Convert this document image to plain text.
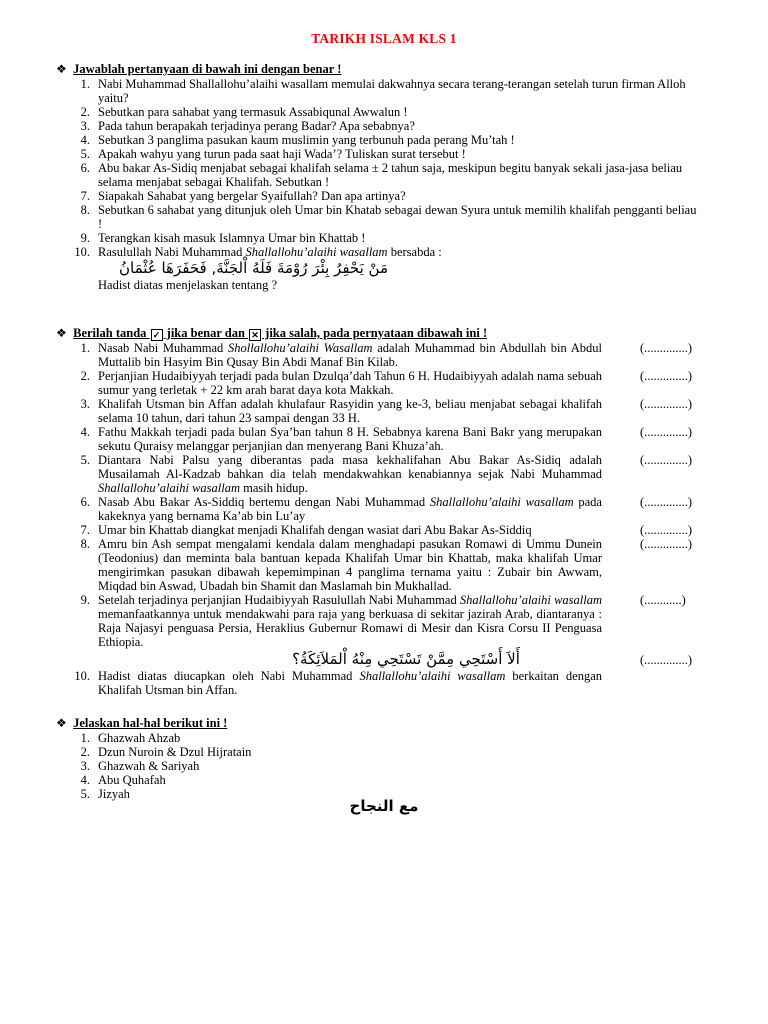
TARIKH ISLAM KLS 1
❖ Jawablah pertanyaan di bawah ini dengan benar !
1. Nabi Muhammad Shallallohu’alaihi wasallam memulai dakwahnya secara terang-terangan setelah turun firman Alloh yaitu?
2. Sebutkan para sahabat yang termasuk Assabiqunal Awwalun !
3. Pada tahun berapakah terjadinya perang Badar? Apa sebabnya?
4. Sebutkan 3 panglima pasukan kaum muslimin yang terbunuh pada perang Mu’tah !
5. Apakah wahyu yang turun pada saat haji Wada’? Tuliskan surat tersebut !
6. Abu bakar As-Sidiq menjabat sebagai khalifah selama ± 2 tahun saja, meskipun begitu banyak sekali jasa-jasa beliau selama menjabat sebagai Khalifah. Sebutkan !
7. Siapakah Sahabat yang bergelar Syaifullah? Dan apa artinya?
8. Sebutkan 6 sahabat yang ditunjuk oleh Umar bin Khatab sebagai dewan Syura untuk memilih khalifah pengganti beliau !
9. Terangkan kisah masuk Islamnya Umar bin Khattab !
10. Rasulullah Nabi Muhammad Shallallohu’alaihi wasallam bersabda :
مَنْ يَحْفِرُ بِئْرَ رُوْمَةَ فَلَهُ اْلجَنَّةَ, فَحَفَرَهَا عُثْمَانُ
Hadist diatas menjelaskan tentang ?
❖ Berilah tanda ✓ jika benar dan ✕ jika salah, pada pernyataan dibawah ini !
1. Nasab Nabi Muhammad Shollallohu’alaihi Wasallam adalah Muhammad bin Abdullah bin Abdul Muttalib bin Hasyim Bin Qusay Bin Abdi Manaf Bin Kilab.
(..............)
2. Perjanjian Hudaibiyyah terjadi pada bulan Dzulqa’dah Tahun 6 H. Hudaibiyyah adalah nama sebuah sumur yang terletak + 22 km arah barat daya kota Makkah.
(..............)
3. Khalifah Utsman bin Affan adalah khulafaur Rasyidin yang ke-3, beliau menjabat sebagai khalifah selama 10 tahun, dari tahun 23 sampai dengan 33 H.
(..............)
4. Fathu Makkah terjadi pada bulan Sya’ban tahun 8 H. Sebabnya karena Bani Bakr yang merupakan sekutu Quraisy melanggar perjanjian dan menyerang Bani Khuza’ah.
(..............)
5. Diantara Nabi Palsu yang diberantas pada masa kekhalifahan Abu Bakar As-Sidiq adalah Musailamah Al-Kadzab bahkan dia telah mendakwahkan kenabiannya sejak Nabi Muhammad Shallallohu’alaihi wasallam masih hidup.
(..............)
6. Nasab Abu Bakar As-Siddiq bertemu dengan Nabi Muhammad Shallallohu’alaihi wasallam pada kakeknya yang bernama Ka’ab bin Lu’ay
(..............)
7. Umar bin Khattab diangkat menjadi Khalifah dengan wasiat dari Abu Bakar As-Siddiq	(..............)
8. Amru bin Ash sempat mengalami kendala dalam menghadapi pasukan Romawi di Ummu Dunein (Teodonius) dan meminta bala bantuan kepada Khalifah Umar bin Khattab, maka khalifah Umar mengirimkan pasukan dibawah kepemimpinan 4 panglima ternama yaitu : Zubair bin Awwam, Miqdad bin Aswad, Ubadah bin Shamit dan Maslamah bin Mukhallad.
(..............)
9. Setelah terjadinya perjanjian Hudaibiyyah Rasulullah Nabi Muhammad Shallallohu’alaihi wasallam memanfaatkannya untuk mendakwahi para raja yang berkuasa di sekitar jazirah Arab, diantaranya : Raja Najasyi penguasa Persia, Heraklius Gubernur Romawi di Mesir dan Kisra Corsu II Penguasa Ethiopia.
(............)
أَلاَ أَسْتَحِي مِمَّنْ تَسْتَحِي مِنْهُ اْلمَلاَئِكَةُ؟	(..............)
10. Hadist diatas diucapkan oleh Nabi Muhammad Shallallohu’alaihi wasallam berkaitan dengan Khalifah Utsman bin Affan.
❖ Jelaskan hal-hal berikut ini !
1. Ghazwah Ahzab
2. Dzun Nuroin & Dzul Hijratain
3. Ghazwah & Sariyah
4. Abu Quhafah
5. Jizyah
مع النجاح
